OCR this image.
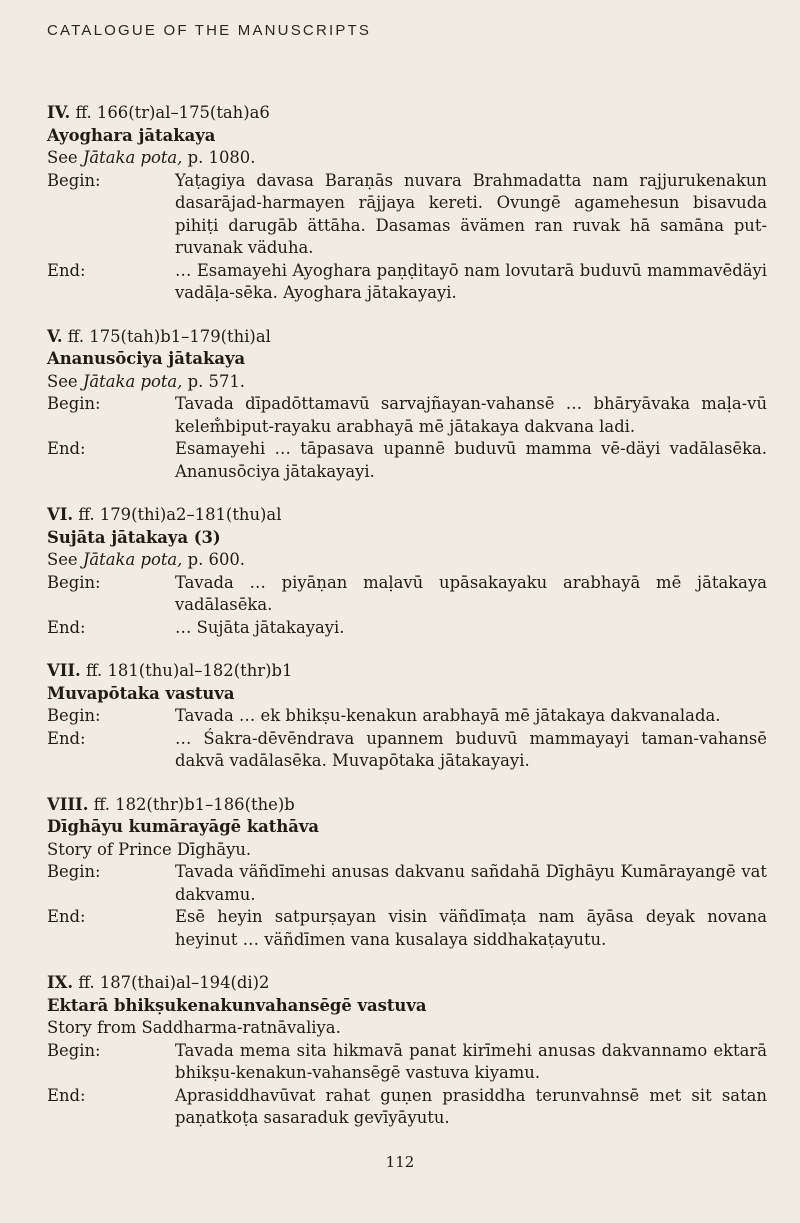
CATALOGUE OF THE MANUSCRIPTS
IV. ff. 166(tr)al–175(tah)a6
Ayoghara jātakaya
See Jātaka pota, p. 1080.
Begin:	Yaṭagiya davasa Baraṇās nuvara Brahmadatta nam rajjurukenakun dasarājad-harmayen rājjaya kereti. Ovungē agamehesun bisavuda pihiṭi darugāb ättāha. Dasamas ävämen ran ruvak hā samāna put-ruvanak väduha.
End:	… Esamayehi Ayoghara paṇḍitayō nam lovutarā buduvū mammavēdäyi vadāḷa-sēka. Ayoghara jātakayayi.
V. ff. 175(tah)b1–179(thi)al
Ananusōciya jātakaya
See Jātaka pota, p. 571.
Begin:	Tavada dīpadōttamavū sarvajñayan-vahansē … bhāryāvaka maḷa-vū kelem̐biput-rayaku arabhayā mē jātakaya dakvana ladi.
End:	Esamayehi … tāpasava upannē buduvū mamma vē-däyi vadālasēka. Ananusōciya jātakayayi.
VI. ff. 179(thi)a2–181(thu)al
Sujāta jātakaya (3)
See Jātaka pota, p. 600.
Begin:	Tavada … piyāṇan maḷavū upāsakayaku arabhayā mē jātakaya vadālasēka.
End:	… Sujāta jātakayayi.
VII. ff. 181(thu)al–182(thr)b1
Muvapōtaka vastuva
Begin:	Tavada … ek bhikṣu-kenakun arabhayā mē jātakaya dakvanalada.
End:	… Śakra-dēvēndrava upannem buduvū mammayayi taman-vahansē dakvā vadālasēka. Muvapōtaka jātakayayi.
VIII. ff. 182(thr)b1–186(the)b
Dīghāyu kumārayāgē kathāva
Story of Prince Dīghāyu.
Begin:	Tavada väñdīmehi anusas dakvanu sañdahā Dīghāyu Kumārayangē vat dakvamu.
End:	Esē heyin satpurṣayan visin väñdīmaṭa nam āyāsa deyak novana heyinut … väñdīmen vana kusalaya siddhakaṭayutu.
IX. ff. 187(thai)al–194(di)2
Ektarā bhikṣukenakunvahansēgē vastuva
Story from Saddharma-ratnāvaliya.
Begin:	Tavada mema sita hikmavā panat kirīmehi anusas dakvannamo ektarā bhikṣu-kenakun-vahansēgē vastuva kiyamu.
End:	Aprasiddhavūvat rahat guṇen prasiddha terunvahnsē met sit satan paṇatkoṭa sasaraduk gevīyāyutu.
112
